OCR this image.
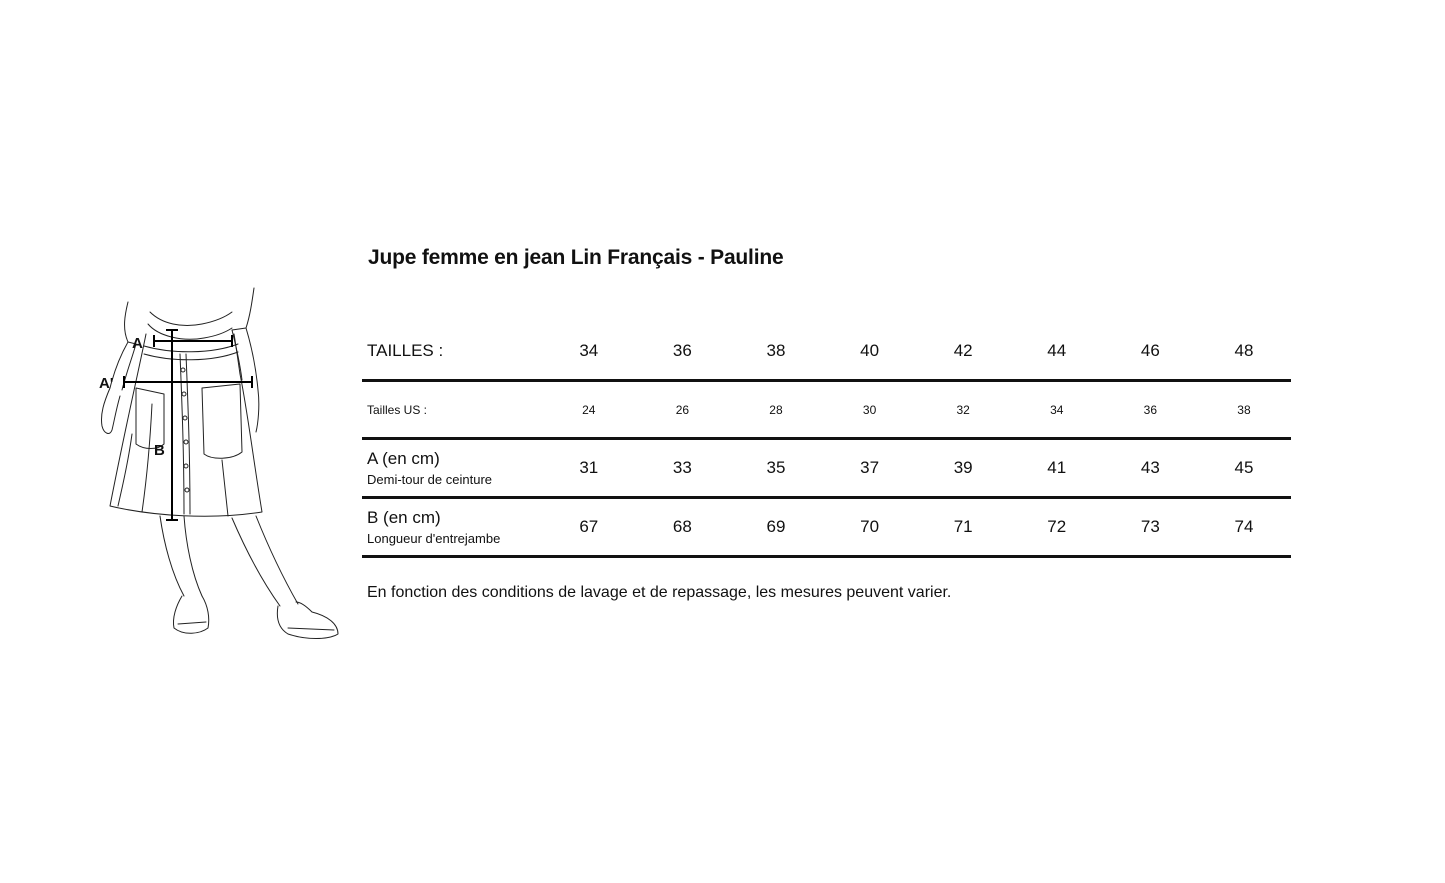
A
A'
B
Jupe femme en jean Lin Français - Pauline
TAILLES :	34	36	38	40	42	44	46	48
Tailles US :	24	26	28	30	32	34	36	38
A (en cm)
Demi-tour de ceinture
31	33	35	37	39	41	43	45
B (en cm)
Longueur d'entrejambe
67	68	69	70	71	72	73	74
En fonction des conditions de lavage et de repassage, les mesures peuvent varier.
